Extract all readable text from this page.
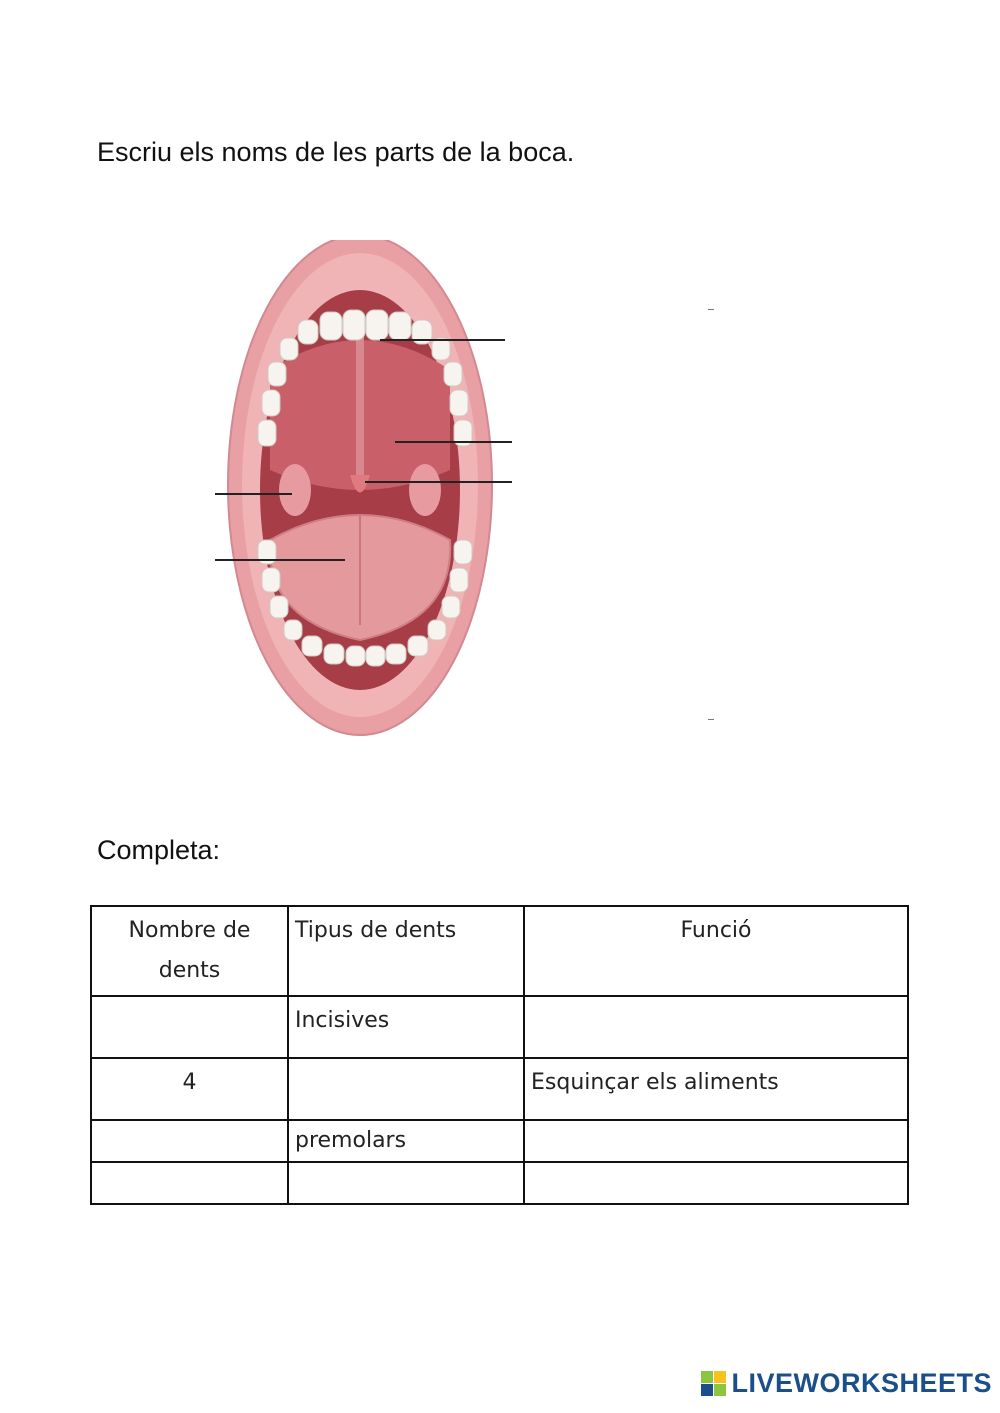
Escriu els noms de les parts de la boca.

Completa:

Nombre de dents	Tipus de dents	Funció
	Incisives	
4		Esquinçar els aliments
	premolars	

LIVEWORKSHEETS
